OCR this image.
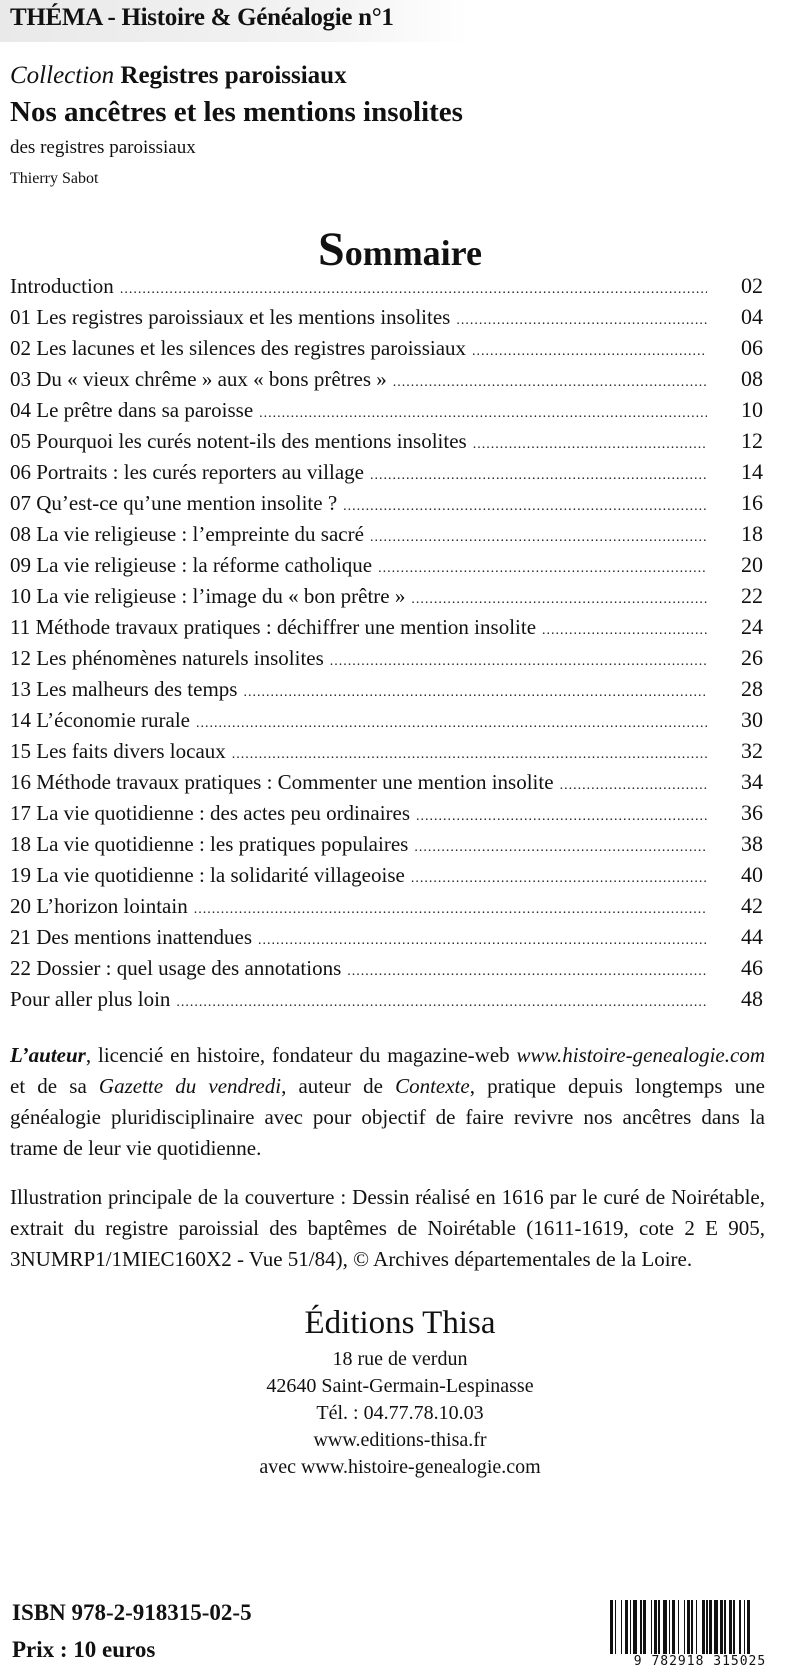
THÉMA - Histoire & Généalogie n°1
Collection Registres paroissiaux
Nos ancêtres et les mentions insolites
des registres paroissiaux
Thierry Sabot
Sommaire
Introduction .....	02
01 Les registres paroissiaux et les mentions insolites .....	04
02 Les lacunes et les silences des registres paroissiaux .....	06
03 Du « vieux chrême » aux « bons prêtres » .....	08
04 Le prêtre dans sa paroisse .....	10
05 Pourquoi les curés notent-ils des mentions insolites .....	12
06 Portraits : les curés reporters au village .....	14
07 Qu’est-ce qu’une mention insolite ? .....	16
08 La vie religieuse : l’empreinte du sacré .....	18
09 La vie religieuse : la réforme catholique .....	20
10 La vie religieuse : l’image du « bon prêtre » .....	22
11 Méthode travaux pratiques : déchiffrer une mention insolite .....	24
12 Les phénomènes naturels insolites .....	26
13 Les malheurs des temps .....	28
14 L’économie rurale .....	30
15 Les faits divers locaux .....	32
16 Méthode travaux pratiques : Commenter une mention insolite .....	34
17 La vie quotidienne : des actes peu ordinaires .....	36
18 La vie quotidienne : les pratiques populaires .....	38
19 La vie quotidienne : la solidarité villageoise .....	40
20 L’horizon lointain .....	42
21 Des mentions inattendues .....	44
22 Dossier : quel usage des annotations .....	46
Pour aller plus loin .....	48
L’auteur, licencié en histoire, fondateur du magazine-web www.histoire-genealogie.com et de sa Gazette du vendredi, auteur de Contexte, pratique depuis longtemps une généalogie pluridisciplinaire avec pour objectif de faire revivre nos ancêtres dans la trame de leur vie quotidienne.
Illustration principale de la couverture : Dessin réalisé en 1616 par le curé de Noirétable, extrait du registre paroissial des baptêmes de Noirétable (1611-1619, cote 2 E 905, 3NUMRP1/1MIEC160X2 - Vue 51/84), © Archives départementales de la Loire.
Éditions Thisa
18 rue de verdun
42640 Saint-Germain-Lespinasse
Tél. : 04.77.78.10.03
www.editions-thisa.fr
avec www.histoire-genealogie.com
ISBN 978-2-918315-02-5
Prix : 10 euros	9 782918 315025
